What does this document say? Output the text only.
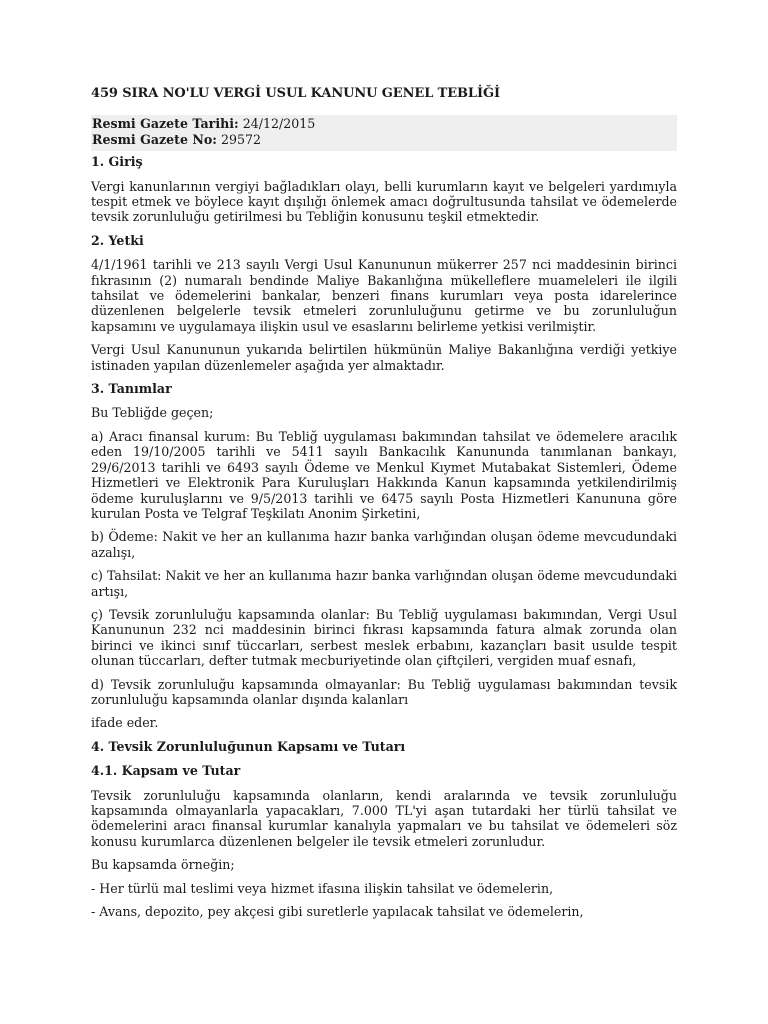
459 SIRA NO'LU VERGİ USUL KANUNU GENEL TEBLİĞİ
Resmi Gazete Tarihi: 24/12/2015
Resmi Gazete No: 29572
1. Giriş

Vergi kanunlarının vergiyi bağladıkları olayı, belli kurumların kayıt ve belgeleri yardımıyla tespit etmek ve böylece kayıt dışılığı önlemek amacı doğrultusunda tahsilat ve ödemelerde tevsik zorunluluğu getirilmesi bu Tebliğin konusunu teşkil etmektedir.

2. Yetki

4/1/1961 tarihli ve 213 sayılı Vergi Usul Kanununun mükerrer 257 nci maddesinin birinci fıkrasının (2) numaralı bendinde Maliye Bakanlığına mükelleflere muameleleri ile ilgili tahsilat ve ödemelerini bankalar, benzeri finans kurumları veya posta idarelerince düzenlenen belgelerle tevsik etmeleri zorunluluğunu getirme ve bu zorunluluğun kapsamını ve uygulamaya ilişkin usul ve esaslarını belirleme yetkisi verilmiştir.

Vergi Usul Kanununun yukarıda belirtilen hükmünün Maliye Bakanlığına verdiği yetkiye istinaden yapılan düzenlemeler aşağıda yer almaktadır.

3. Tanımlar

Bu Tebliğde geçen;

a) Aracı finansal kurum: Bu Tebliğ uygulaması bakımından tahsilat ve ödemelere aracılık eden 19/10/2005 tarihli ve 5411 sayılı Bankacılık Kanununda tanımlanan bankayı, 29/6/2013 tarihli ve 6493 sayılı Ödeme ve Menkul Kıymet Mutabakat Sistemleri, Ödeme Hizmetleri ve Elektronik Para Kuruluşları Hakkında Kanun kapsamında yetkilendirilmiş ödeme kuruluşlarını ve 9/5/2013 tarihli ve 6475 sayılı Posta Hizmetleri Kanununa göre kurulan Posta ve Telgraf Teşkilatı Anonim Şirketini,

b) Ödeme: Nakit ve her an kullanıma hazır banka varlığından oluşan ödeme mevcudundaki azalışı,

c) Tahsilat: Nakit ve her an kullanıma hazır banka varlığından oluşan ödeme mevcudundaki artışı,

ç) Tevsik zorunluluğu kapsamında olanlar: Bu Tebliğ uygulaması bakımından, Vergi Usul Kanununun 232 nci maddesinin birinci fıkrası kapsamında fatura almak zorunda olan birinci ve ikinci sınıf tüccarları, serbest meslek erbabını, kazançları basit usulde tespit olunan tüccarları, defter tutmak mecburiyetinde olan çiftçileri, vergiden muaf esnafı,

d) Tevsik zorunluluğu kapsamında olmayanlar: Bu Tebliğ uygulaması bakımından tevsik zorunluluğu kapsamında olanlar dışında kalanları

ifade eder.

4. Tevsik Zorunluluğunun Kapsamı ve Tutarı
4.1. Kapsam ve Tutar

Tevsik zorunluluğu kapsamında olanların, kendi aralarında ve tevsik zorunluluğu kapsamında olmayanlarla yapacakları, 7.000 TL'yi aşan tutardaki her türlü tahsilat ve ödemelerini aracı finansal kurumlar kanalıyla yapmaları ve bu tahsilat ve ödemeleri söz konusu kurumlarca düzenlenen belgeler ile tevsik etmeleri zorunludur.

Bu kapsamda örneğin;

- Her türlü mal teslimi veya hizmet ifasına ilişkin tahsilat ve ödemelerin,

- Avans, depozito, pey akçesi gibi suretlerle yapılacak tahsilat ve ödemelerin,
